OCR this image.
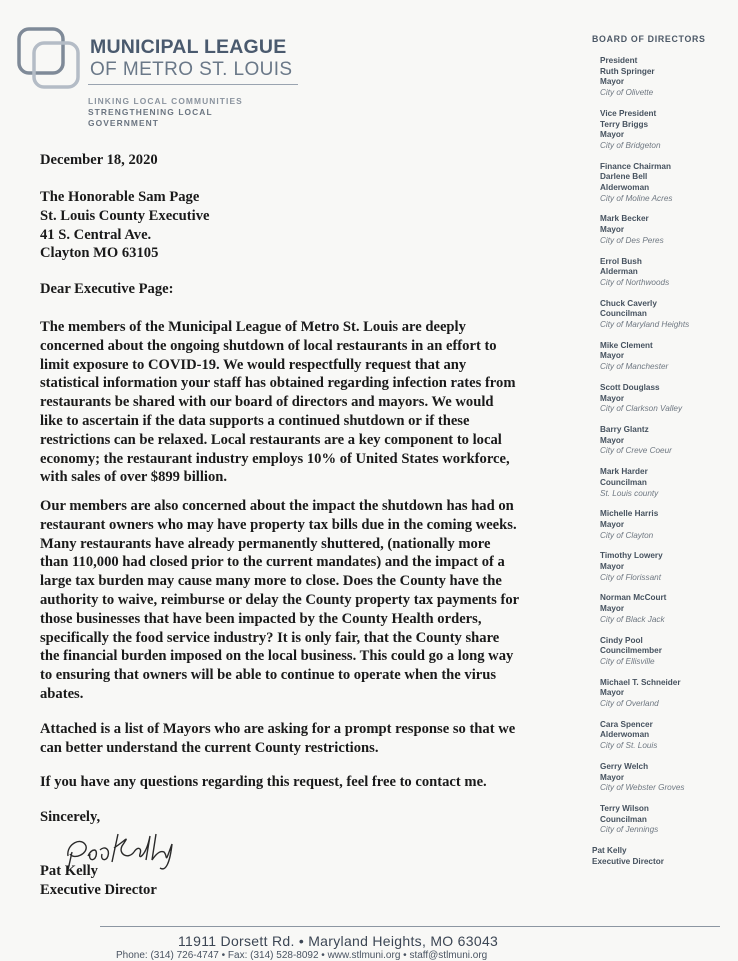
MUNICIPAL LEAGUE
OF METRO ST. LOUIS
LINKING LOCAL COMMUNITIES
STRENGTHENING LOCAL
GOVERNMENT
December 18, 2020
The Honorable Sam Page
St. Louis County Executive
41 S. Central Ave.
Clayton MO 63105
Dear Executive Page:
The members of the Municipal League of Metro St. Louis are deeply
concerned about the ongoing shutdown of local restaurants in an effort to
limit exposure to COVID-19. We would respectfully request that any
statistical information your staff has obtained regarding infection rates from
restaurants be shared with our board of directors and mayors. We would
like to ascertain if the data supports a continued shutdown or if these
restrictions can be relaxed. Local restaurants are a key component to local
economy; the restaurant industry employs 10% of United States workforce,
with sales of over $899 billion.
Our members are also concerned about the impact the shutdown has had on
restaurant owners who may have property tax bills due in the coming weeks.
Many restaurants have already permanently shuttered, (nationally more
than 110,000 had closed prior to the current mandates) and the impact of a
large tax burden may cause many more to close. Does the County have the
authority to waive, reimburse or delay the County property tax payments for
those businesses that have been impacted by the County Health orders,
specifically the food service industry? It is only fair, that the County share
the financial burden imposed on the local business. This could go a long way
to ensuring that owners will be able to continue to operate when the virus
abates.
Attached is a list of Mayors who are asking for a prompt response so that we
can better understand the current County restrictions.
If you have any questions regarding this request, feel free to contact me.
Sincerely,
Pat Kelly
Executive Director
BOARD OF DIRECTORS
President
Ruth Springer
Mayor
City of Olivette
Vice President
Terry Briggs
Mayor
City of Bridgeton
Finance Chairman
Darlene Bell
Alderwoman
City of Moline Acres
Mark Becker
Mayor
City of Des Peres
Errol Bush
Alderman
City of Northwoods
Chuck Caverly
Councilman
City of Maryland Heights
Mike Clement
Mayor
City of Manchester
Scott Douglass
Mayor
City of Clarkson Valley
Barry Glantz
Mayor
City of Creve Coeur
Mark Harder
Councilman
St. Louis county
Michelle Harris
Mayor
City of Clayton
Timothy Lowery
Mayor
City of Florissant
Norman McCourt
Mayor
City of Black Jack
Cindy Pool
Councilmember
City of Ellisville
Michael T. Schneider
Mayor
City of Overland
Cara Spencer
Alderwoman
City of St. Louis
Gerry Welch
Mayor
City of Webster Groves
Terry Wilson
Councilman
City of Jennings
Pat Kelly
Executive Director
11911 Dorsett Rd. • Maryland Heights, MO 63043
Phone: (314) 726-4747 • Fax: (314) 528-8092 • www.stlmuni.org • staff@stlmuni.org
